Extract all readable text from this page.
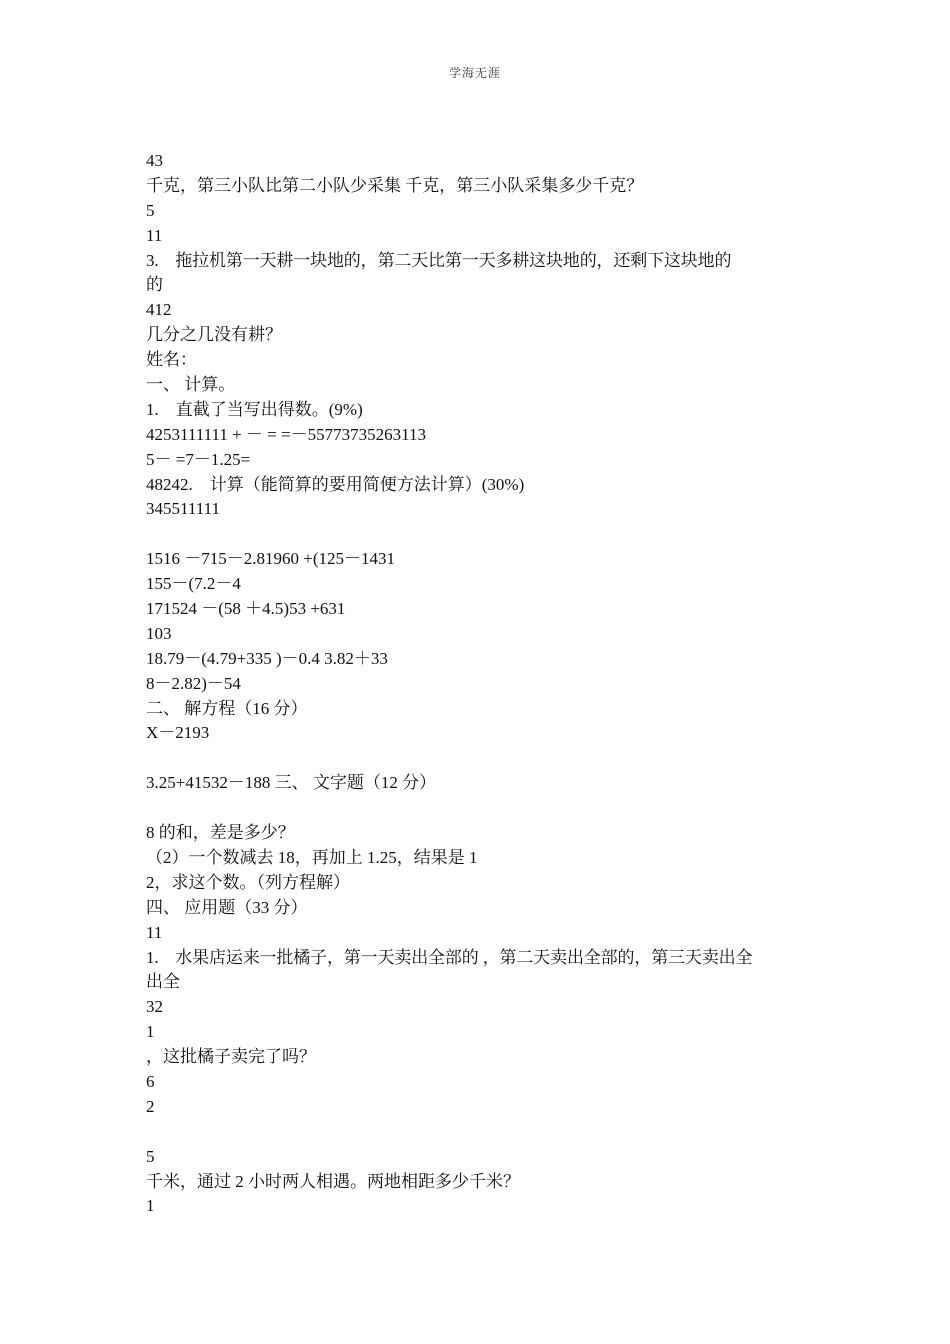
学海无涯
43
千克，第三小队比第二小队少采集 千克，第三小队采集多少千克？
5
11
3.　拖拉机第一天耕一块地的，第二天比第一天多耕这块地的，还剩下这块地的
的
412
几分之几没有耕？
姓名：
一、 计算。
1.　直截了当写出得数。(9%)
4253111111 + － = =－55773735263113
5－ =7－1.25=
48242.　计算（能简算的要用简便方法计算）(30%)
345511111
1516 －715－2.81960 +(125－1431
155－(7.2－4
171524 －(58 ＋4.5)53 +631
103
18.79－(4.79+335 )－0.4 3.82＋33
8－2.82)－54
二、 解方程（16 分）
X－2193
3.25+41532－188 三、 文字题（12 分）
8 的和，差是多少？
（2）一个数减去 18，再加上 1.25，结果是 1
2，求这个数。（列方程解）
四、 应用题（33 分）
11
1.　水果店运来一批橘子，第一天卖出全部的 ，第二天卖出全部的，第三天卖出全
出全
32
1
，这批橘子卖完了吗？
6
2
5
千米，通过 2 小时两人相遇。两地相距多少千米？
1
